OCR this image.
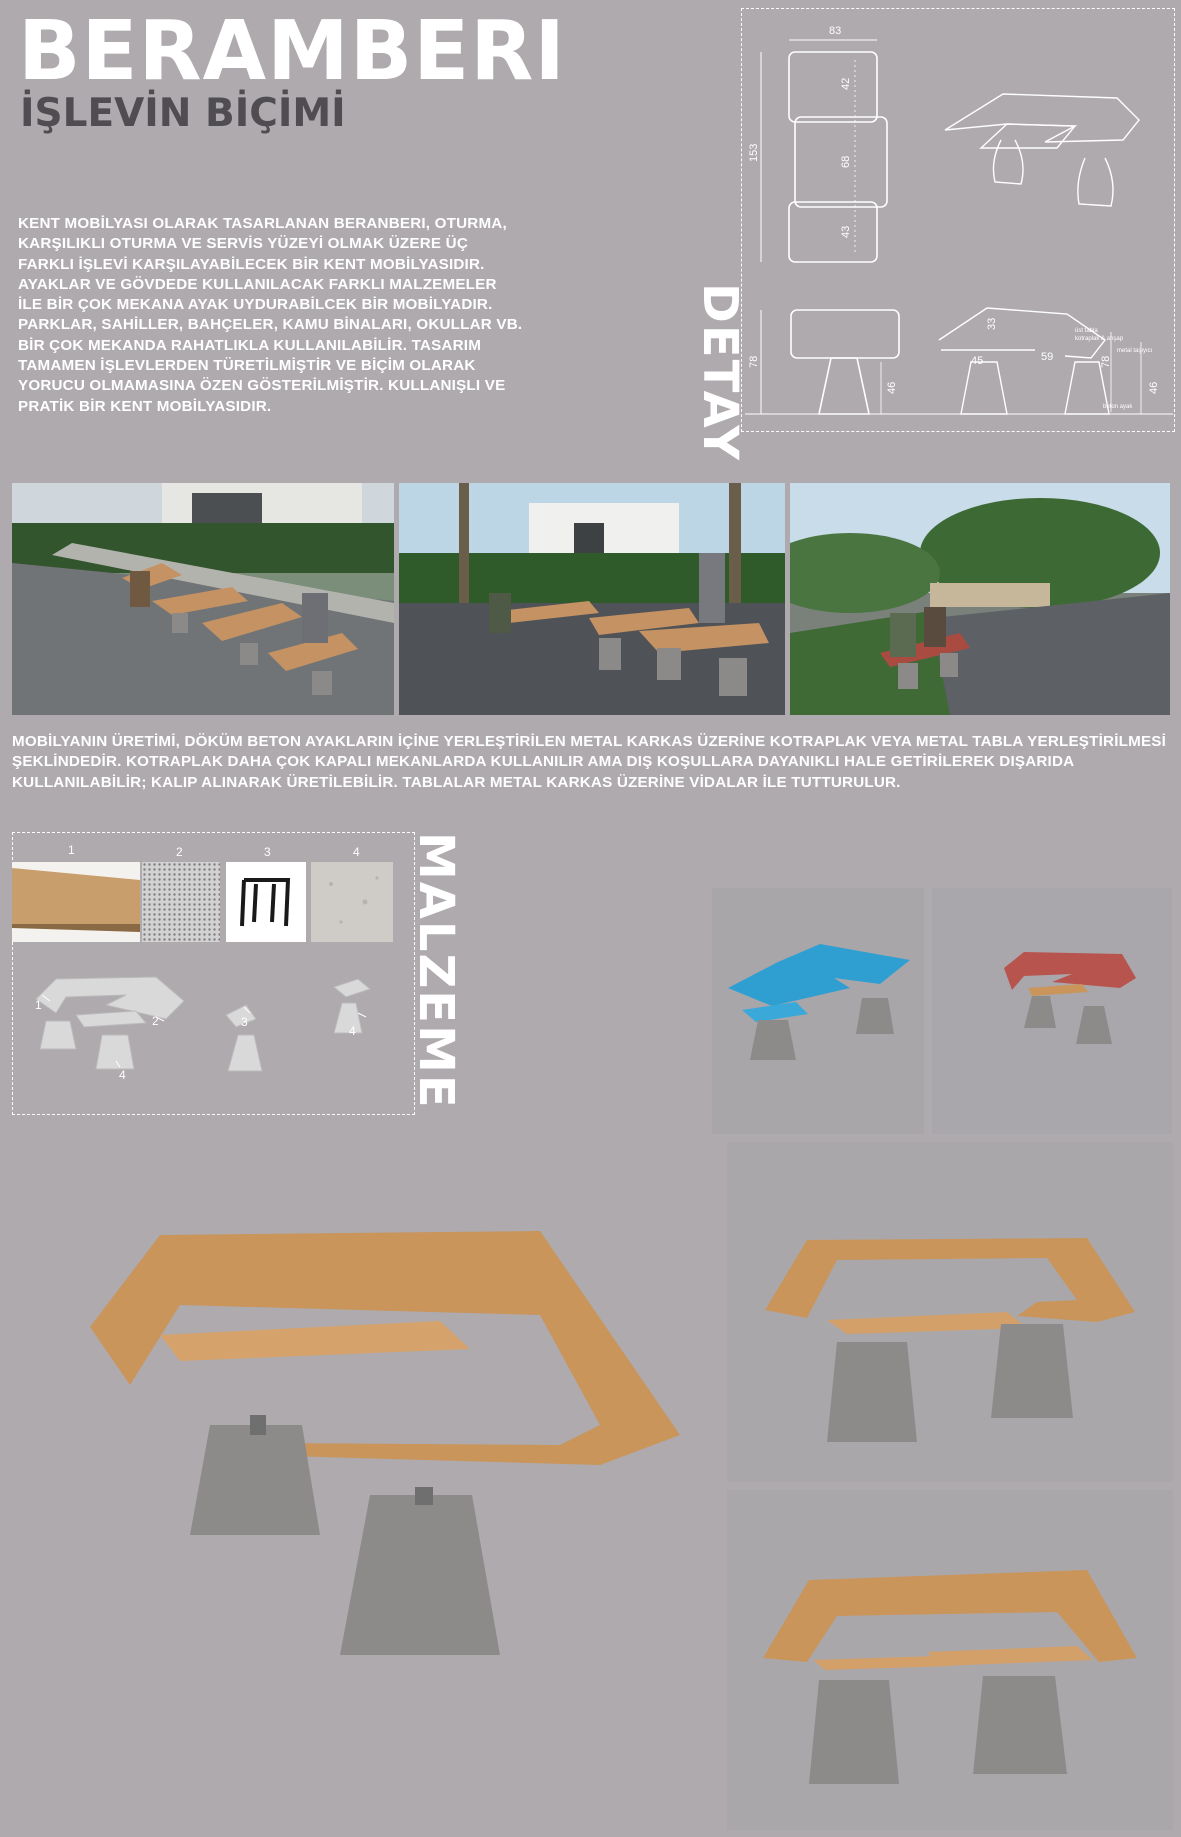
BERAMBERI
İŞLEVİN BİÇİMİ
KENT MOBİLYASI OLARAK TASARLANAN BERANBERI, OTURMA, KARŞILIKLI OTURMA VE SERVİS YÜZEYİ OLMAK ÜZERE ÜÇ FARKLI İŞLEVİ KARŞILAYABİLECEK BİR KENT MOBİLYASIDIR. AYAKLAR VE GÖVDEDE KULLANILACAK FARKLI MALZEMELER İLE BİR ÇOK MEKANA AYAK UYDURABİLCEK BİR MOBİLYADIR. PARKLAR, SAHİLLER, BAHÇELER, KAMU BİNALARI, OKULLAR VB. BİR ÇOK MEKANDA RAHATLIKLA KULLANILABİLİR. TASARIM TAMAMEN İŞLEVLERDEN TÜRETİLMİŞTİR VE BİÇİM OLARAK YORUCU OLMAMASINA ÖZEN GÖSTERİLMİŞTİR. KULLANIŞLI VE PRATİK BİR KENT MOBİLYASIDIR.	DETAY
83
153
42
68
43
78
46
33
45	59	78
46
üst tabla
kotraplak & ahşap
metal taşıyıcı
beton ayak
MOBİLYANIN ÜRETİMİ, DÖKÜM BETON AYAKLARIN İÇİNE YERLEŞTİRİLEN METAL KARKAS ÜZERİNE KOTRAPLAK VEYA METAL TABLA YERLEŞTİRİLMESİ ŞEKLİNDEDİR. KOTRAPLAK DAHA ÇOK KAPALI MEKANLARDA KULLANILIR AMA DIŞ KOŞULLARA DAYANIKLI HALE GETİRİLEREK DIŞARIDA KULLANILABİLİR; KALIP ALINARAK ÜRETİLEBİLİR. TABLALAR METAL KARKAS ÜZERİNE VİDALAR İLE TUTTURULUR.
MALZEME
1	2	3	4
1
2	3
4
4
